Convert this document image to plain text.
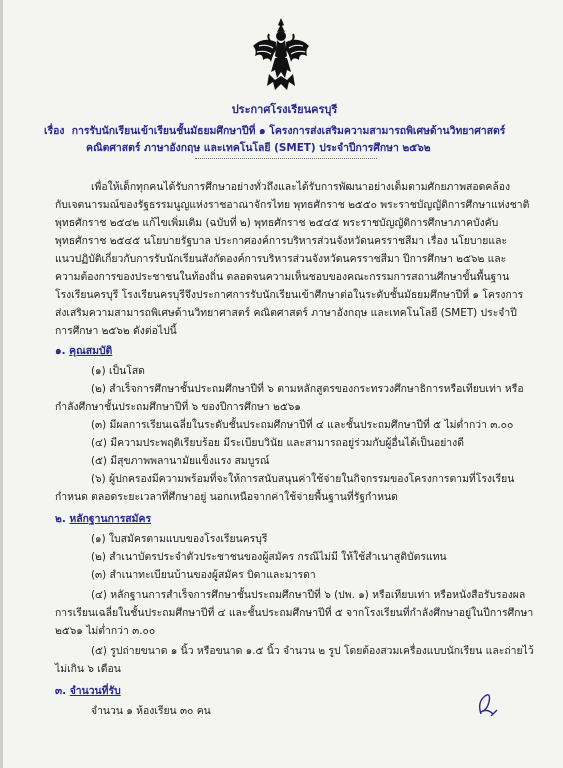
ประกาศโรงเรียนครบุรี
เรื่อง การรับนักเรียนเข้าเรียนชั้นมัธยมศึกษาปีที่ ๑ โครงการส่งเสริมความสามารถพิเศษด้านวิทยาศาสตร์
คณิตศาสตร์ ภาษาอังกฤษ และเทคโนโลยี (SMET) ประจำปีการศึกษา ๒๕๖๒
เพื่อให้เด็กทุกคนได้รับการศึกษาอย่างทั่วถึงและได้รับการพัฒนาอย่างเต็มตามศักยภาพสอดคล้อง
กับเจตนารมณ์ของรัฐธรรมนูญแห่งราชอาณาจักรไทย พุทธศักราช ๒๕๕๐ พระราชบัญญัติการศึกษาแห่งชาติ
พุทธศักราช ๒๕๔๒ แก้ไขเพิ่มเติม (ฉบับที่ ๒) พุทธศักราช ๒๕๔๕ พระราชบัญญัติการศึกษาภาคบังคับ
พุทธศักราช ๒๕๔๕ นโยบายรัฐบาล ประกาศองค์การบริหารส่วนจังหวัดนครราชสีมา เรื่อง นโยบายและ
แนวปฏิบัติเกี่ยวกับการรับนักเรียนสังกัดองค์การบริหารส่วนจังหวัดนครราชสีมา ปีการศึกษา ๒๕๖๒ และ
ความต้องการของประชาชนในท้องถิ่น ตลอดจนความเห็นชอบของคณะกรรมการสถานศึกษาขั้นพื้นฐาน
โรงเรียนครบุรี โรงเรียนครบุรีจึงประกาศการรับนักเรียนเข้าศึกษาต่อในระดับชั้นมัธยมศึกษาปีที่ ๑ โครงการ
ส่งเสริมความสามารถพิเศษด้านวิทยาศาสตร์ คณิตศาสตร์ ภาษาอังกฤษ และเทคโนโลยี (SMET) ประจำปี
การศึกษา ๒๕๖๒ ดังต่อไปนี้
๑. คุณสมบัติ
(๑) เป็นโสด
(๒) สำเร็จการศึกษาชั้นประถมศึกษาปีที่ ๖ ตามหลักสูตรของกระทรวงศึกษาธิการหรือเทียบเท่า หรือ
กำลังศึกษาชั้นประถมศึกษาปีที่ ๖ ของปีการศึกษา ๒๕๖๑
(๓) มีผลการเรียนเฉลี่ยในระดับชั้นประถมศึกษาปีที่ ๔ และชั้นประถมศึกษาปีที่ ๕ ไม่ต่ำกว่า ๓.๐๐
(๔) มีความประพฤติเรียบร้อย มีระเบียบวินัย และสามารถอยู่ร่วมกับผู้อื่นได้เป็นอย่างดี
(๕) มีสุขภาพพลานามัยแข็งแรง สมบูรณ์
(๖) ผู้ปกครองมีความพร้อมที่จะให้การสนับสนุนค่าใช้จ่ายในกิจกรรมของโครงการตามที่โรงเรียน
กำหนด ตลอดระยะเวลาที่ศึกษาอยู่ นอกเหนือจากค่าใช้จ่ายพื้นฐานที่รัฐกำหนด
๒. หลักฐานการสมัคร
(๑) ใบสมัครตามแบบของโรงเรียนครบุรี
(๒) สำเนาบัตรประจำตัวประชาชนของผู้สมัคร กรณีไม่มี ให้ใช้สำเนาสูติบัตรแทน
(๓) สำเนาทะเบียนบ้านของผู้สมัคร บิดาและมารดา
(๔) หลักฐานการสำเร็จการศึกษาชั้นประถมศึกษาปีที่ ๖ (ปพ. ๑) หรือเทียบเท่า หรือหนังสือรับรองผล
การเรียนเฉลี่ยในชั้นประถมศึกษาปีที่ ๔ และชั้นประถมศึกษาปีที่ ๕ จากโรงเรียนที่กำลังศึกษาอยู่ในปีการศึกษา
๒๕๖๑ ไม่ต่ำกว่า ๓.๐๐
(๕) รูปถ่ายขนาด ๑ นิ้ว หรือขนาด ๑.๕ นิ้ว จำนวน ๒ รูป โดยต้องสวมเครื่องแบบนักเรียน และถ่ายไว้
ไม่เกิน ๖ เดือน
๓. จำนวนที่รับ
จำนวน ๑ ห้องเรียน ๓๐ คน
